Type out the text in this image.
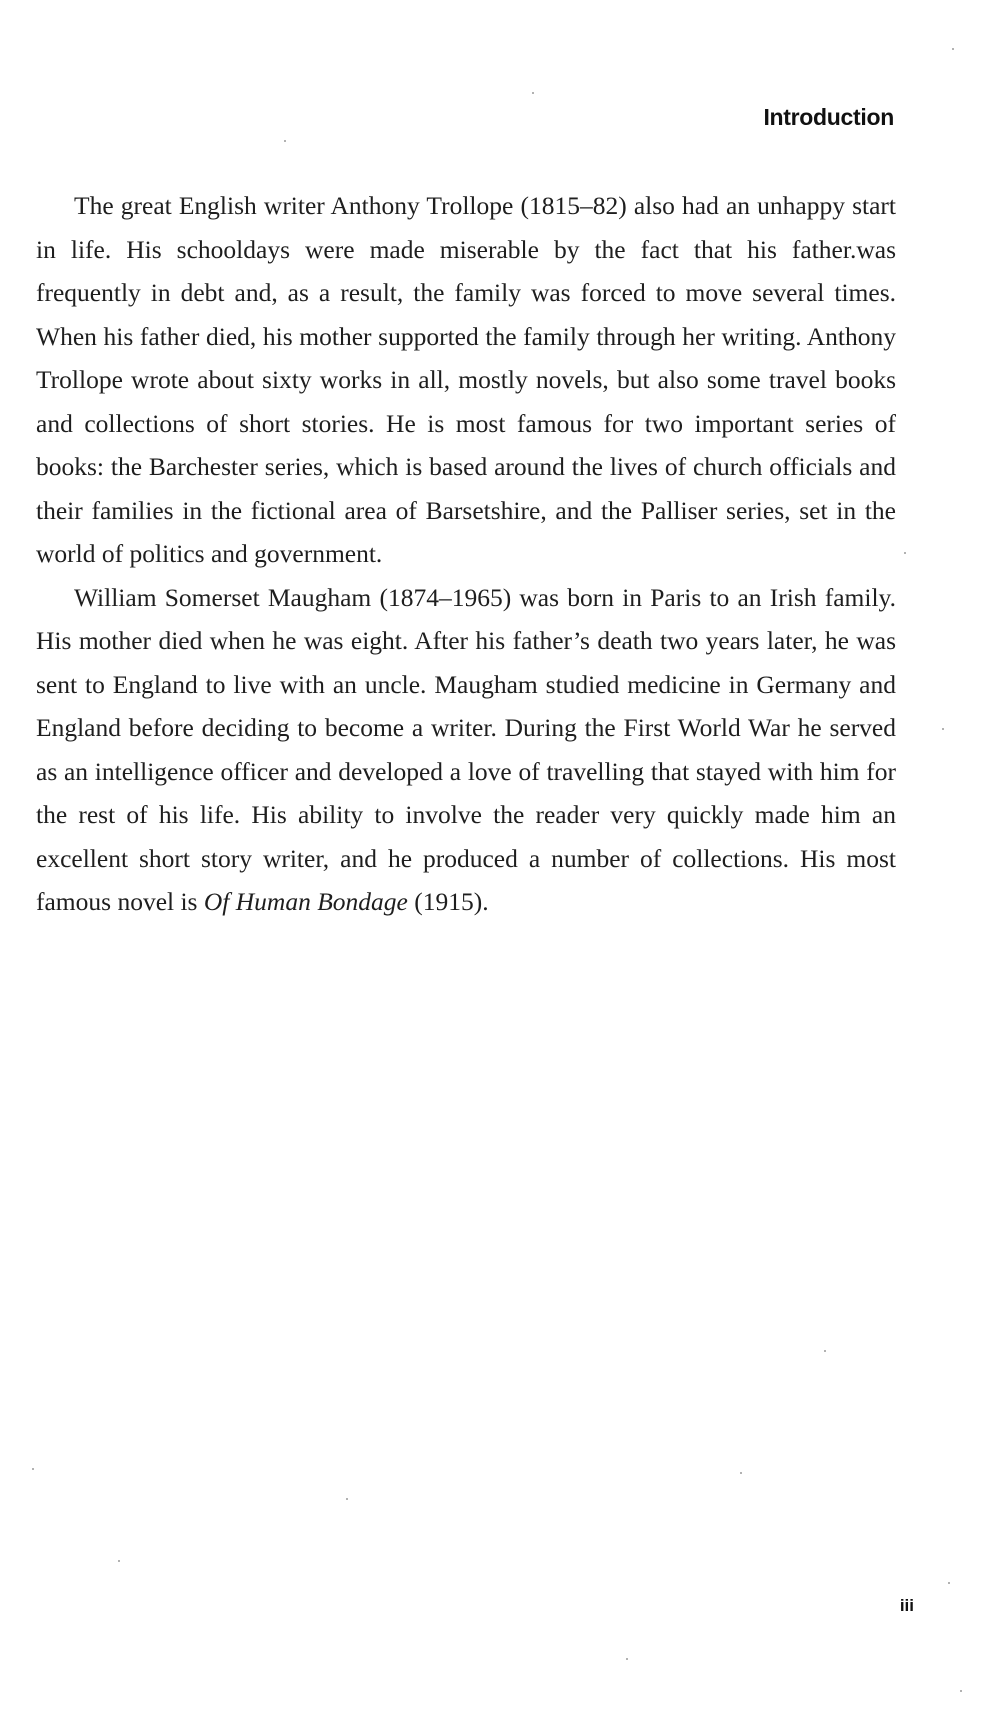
Introduction

The great English writer Anthony Trollope (1815–82) also had an unhappy start in life. His schooldays were made miserable by the fact that his father.was frequently in debt and, as a result, the family was forced to move several times. When his father died, his mother supported the family through her writing. Anthony Trollope wrote about sixty works in all, mostly novels, but also some travel books and collections of short stories. He is most famous for two important series of books: the Barchester series, which is based around the lives of church officials and their families in the fictional area of Barsetshire, and the Palliser series, set in the world of politics and government.

William Somerset Maugham (1874–1965) was born in Paris to an Irish family. His mother died when he was eight. After his father’s death two years later, he was sent to England to live with an uncle. Maugham studied medicine in Germany and England before deciding to become a writer. During the First World War he served as an intelligence officer and developed a love of travelling that stayed with him for the rest of his life. His ability to involve the reader very quickly made him an excellent short story writer, and he produced a number of collections. His most famous novel is Of Human Bondage (1915).

iii
